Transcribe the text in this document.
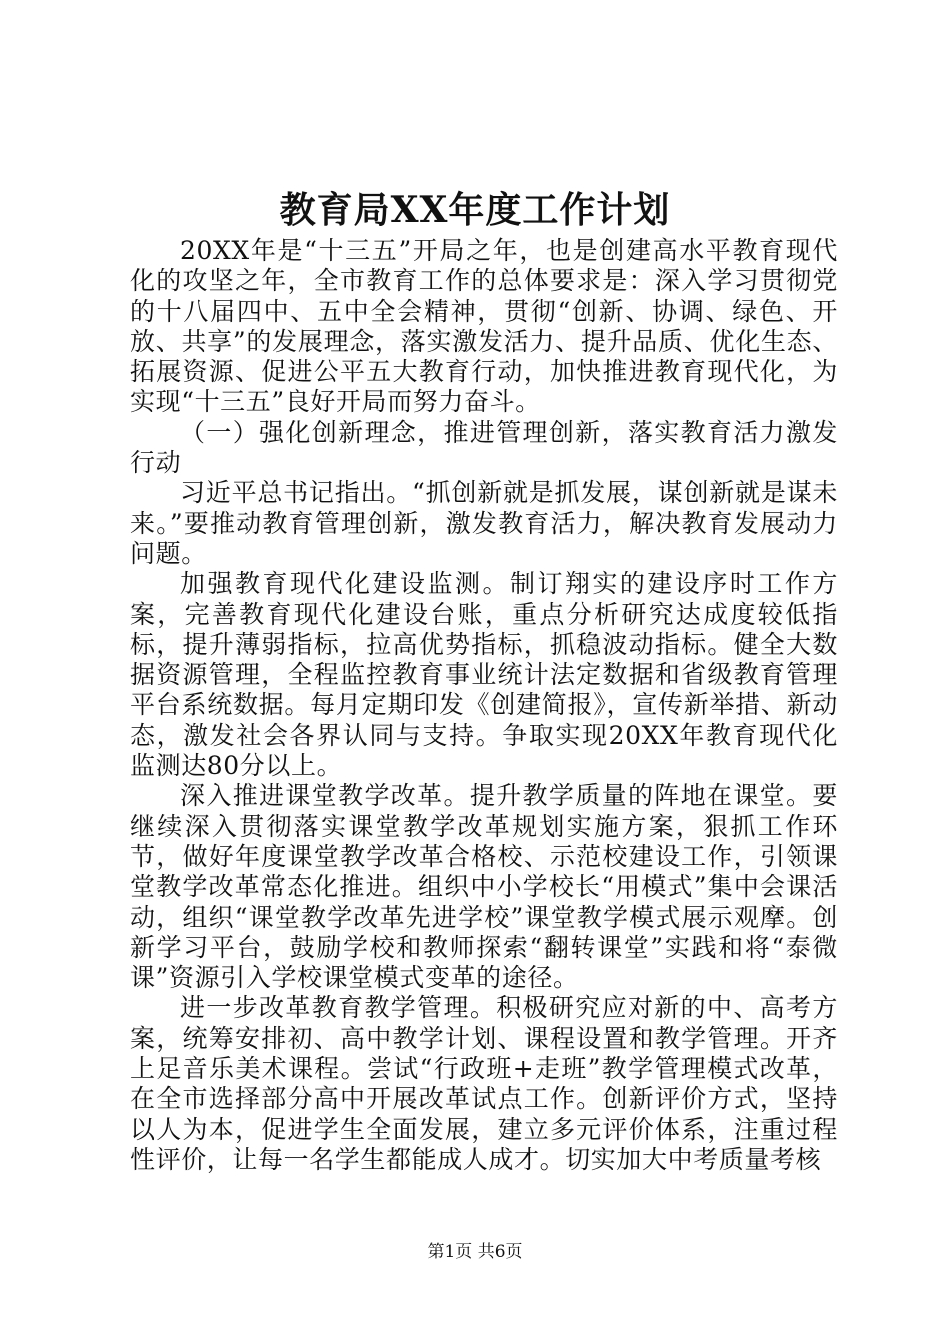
教育局XX年度工作计划

20XX年是“十三五”开局之年，也是创建高水平教育现代化的攻坚之年，全市教育工作的总体要求是：深入学习贯彻党的十八届四中、五中全会精神，贯彻“创新、协调、绿色、开放、共享”的发展理念，落实激发活力、提升品质、优化生态、拓展资源、促进公平五大教育行动，加快推进教育现代化，为实现“十三五”良好开局而努力奋斗。

（一）强化创新理念，推进管理创新，落实教育活力激发行动

习近平总书记指出。“抓创新就是抓发展，谋创新就是谋未来。”要推动教育管理创新，激发教育活力，解决教育发展动力问题。

加强教育现代化建设监测。制订翔实的建设序时工作方案，完善教育现代化建设台账，重点分析研究达成度较低指标，提升薄弱指标，拉高优势指标，抓稳波动指标。健全大数据资源管理，全程监控教育事业统计法定数据和省级教育管理平台系统数据。每月定期印发《创建简报》，宣传新举措、新动态，激发社会各界认同与支持。争取实现20XX年教育现代化监测达80分以上。

深入推进课堂教学改革。提升教学质量的阵地在课堂。要继续深入贯彻落实课堂教学改革规划实施方案，狠抓工作环节，做好年度课堂教学改革合格校、示范校建设工作，引领课堂教学改革常态化推进。组织中小学校长“用模式”集中会课活动，组织“课堂教学改革先进学校”课堂教学模式展示观摩。创新学习平台，鼓励学校和教师探索“翻转课堂”实践和将“泰微课”资源引入学校课堂模式变革的途径。

进一步改革教育教学管理。积极研究应对新的中、高考方案，统筹安排初、高中教学计划、课程设置和教学管理。开齐上足音乐美术课程。尝试“行政班+走班”教学管理模式改革，在全市选择部分高中开展改革试点工作。创新评价方式，坚持以人为本，促进学生全面发展，建立多元评价体系，注重过程性评价，让每一名学生都能成人成才。切实加大中考质量考核

第1页 共6页
